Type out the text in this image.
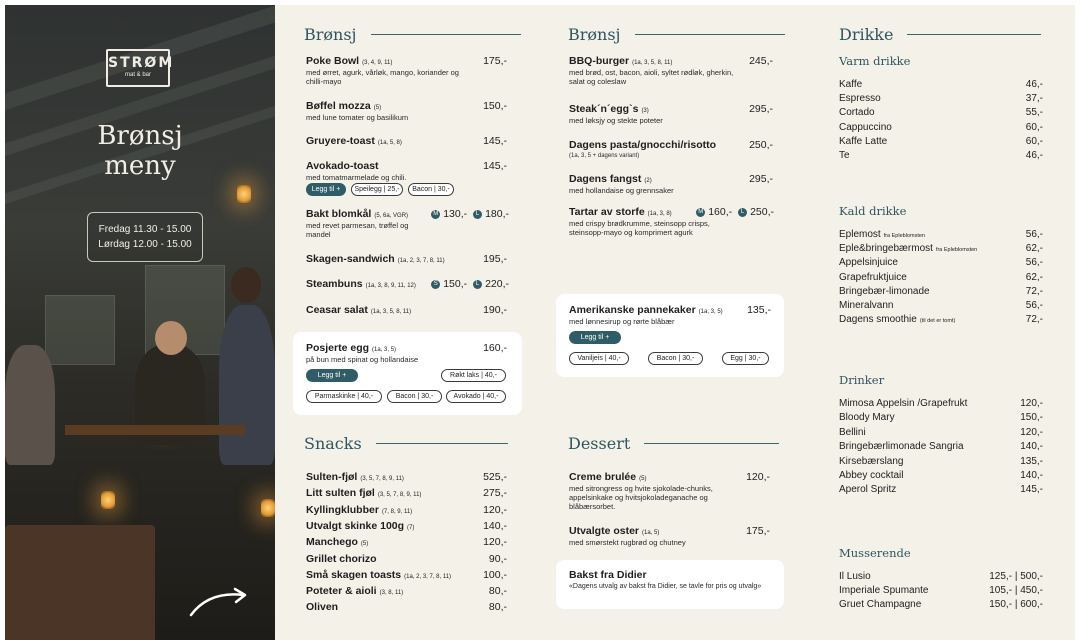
STRØM
mat & bar
Brønsj
meny
Fredag 11.30 - 15.00
Lørdag 12.00 - 15.00
Brønsj
Poke Bowl (3, 4, 9, 11)
med ørret, agurk, vårløk, mango, koriander og chilli-mayo
175,-
Bøffel mozza (5)
med lune tomater og basilikum
150,-
Gruyere-toast (1a, 5, 8)	145,-
Avokado-toast
med tomatmarmelade og chili.
145,-
Legg til +	Speilegg | 25,-	Bacon | 30,-
Bakt blomkål (5, 6a, VGR)
med revet parmesan, trøffel og mandel
M 130,- L 180,-
Skagen-sandwich (1a, 2, 3, 7, 8, 11)	195,-
Steambuns (1a, 3, 8, 9, 11, 12)	S 150,- L 220,-
Ceasar salat (1a, 3, 5, 8, 11)	190,-
Posjerte egg (1a, 3, 5)
på bun med spinat og hollandaise
160,-
Legg til +	Røkt laks | 40,-
Parmaskinke | 40,-	Bacon | 30,-	Avokado | 40,-
Snacks
Sulten-fjøl (3, 5, 7, 8, 9, 11)	525,-
Litt sulten fjøl (3, 5, 7, 8, 9, 11)	275,-
Kyllingklubber (7, 8, 9, 11)	120,-
Utvalgt skinke 100g (7)	140,-
Manchego (5)	120,-
Grillet chorizo	90,-
Små skagen toasts (1a, 2, 3, 7, 8, 11)	100,-
Poteter & aioli (3, 8, 11)	80,-
Oliven	80,-
Brønsj
BBQ-burger (1a, 3, 5, 8, 11)
med brød, ost, bacon, aioli, syltet rødløk, gherkin, salat og coleslaw
245,-
Steak´n´egg`s (3)
med løksjy og stekte poteter
295,-
Dagens pasta/gnocchi/risotto
(1a, 3, 5 + dagens variant)
250,-
Dagens fangst (2)
med hollandaise og grennsaker
295,-
Tartar av storfe (1a, 3, 8)
med crispy brødkrumme, steinsopp crisps, steinsopp-mayo og komprimert agurk
M 160,- L 250,-
Amerikanske pannekaker (1a, 3, 5)
med lønnesirup og rørte blåbær
135,-
Legg til +
Vaniljeis | 40,-	Bacon | 30,-	Egg | 30,-
Dessert
Creme brulée (5)
med sitrongress og hvite sjokolade-chunks, appelsinkake og hvitsjokoladeganache og blåbærsorbet.
120,-
Utvalgte oster (1a, 5)
med smørstekt rugbrød og chutney
175,-
Bakst fra Didier
«Dagens utvalg av bakst fra Didier, se tavle for pris og utvalg»
Drikke
Varm drikke
Kaffe	46,-
Espresso	37,-
Cortado	55,-
Cappuccino	60,-
Kaffe Latte	60,-
Te	46,-
Kald drikke
Eplemost fra Epleblomsten	56,-
Eple&bringebærmost fra Epleblomsten	62,-
Appelsinjuice	56,-
Grapefruktjuice	62,-
Bringebær-limonade	72,-
Mineralvann	56,-
Dagens smoothie (til det er tomt)	72,-
Drinker
Mimosa Appelsin /Grapefrukt	120,-
Bloody Mary	150,-
Bellini	120,-
Bringebærlimonade Sangria	140,-
Kirsebærslang	135,-
Abbey cocktail	140,-
Aperol Spritz	145,-
Musserende
Il Lusio	125,- | 500,-
Imperiale Spumante	105,- | 450,-
Gruet Champagne	150,- | 600,-
